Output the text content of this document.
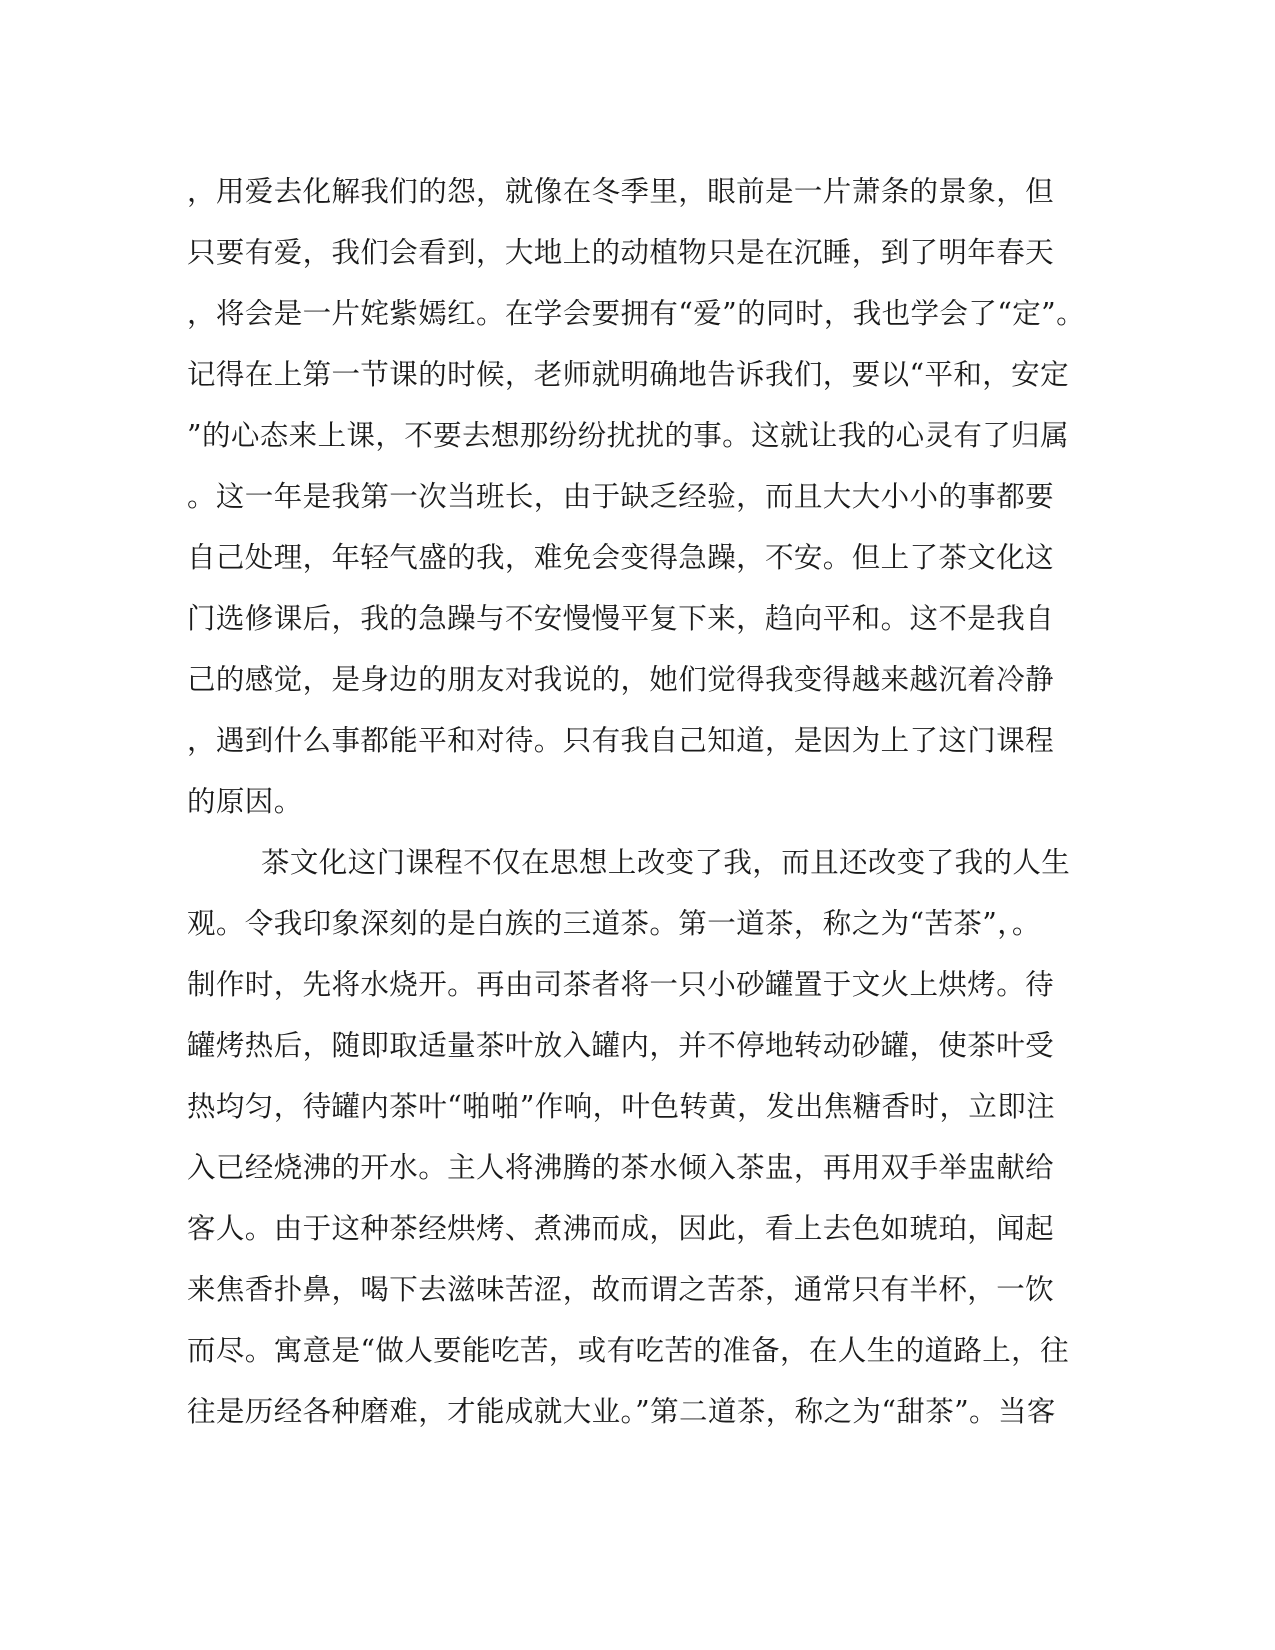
，用爱去化解我们的怨，就像在冬季里，眼前是一片萧条的景象，但
只要有爱，我们会看到，大地上的动植物只是在沉睡，到了明年春天
，将会是一片姹紫嫣红。在学会要拥有“爱”的同时，我也学会了“定”。
记得在上第一节课的时候，老师就明确地告诉我们，要以“平和，安定
”的心态来上课，不要去想那纷纷扰扰的事。这就让我的心灵有了归属
。这一年是我第一次当班长，由于缺乏经验，而且大大小小的事都要
自己处理，年轻气盛的我，难免会变得急躁，不安。但上了茶文化这
门选修课后，我的急躁与不安慢慢平复下来，趋向平和。这不是我自
己的感觉，是身边的朋友对我说的，她们觉得我变得越来越沉着冷静
，遇到什么事都能平和对待。只有我自己知道，是因为上了这门课程
的原因。
茶文化这门课程不仅在思想上改变了我，而且还改变了我的人生
观。令我印象深刻的是白族的三道茶。第一道茶，称之为“苦茶”，。
制作时，先将水烧开。再由司茶者将一只小砂罐置于文火上烘烤。待
罐烤热后，随即取适量茶叶放入罐内，并不停地转动砂罐，使茶叶受
热均匀，待罐内茶叶“啪啪”作响，叶色转黄，发出焦糖香时，立即注
入已经烧沸的开水。主人将沸腾的茶水倾入茶盅，再用双手举盅献给
客人。由于这种茶经烘烤、煮沸而成，因此，看上去色如琥珀，闻起
来焦香扑鼻，喝下去滋味苦涩，故而谓之苦茶，通常只有半杯，一饮
而尽。寓意是“做人要能吃苦，或有吃苦的准备，在人生的道路上，往
往是历经各种磨难，才能成就大业。”第二道茶，称之为“甜茶”。当客
